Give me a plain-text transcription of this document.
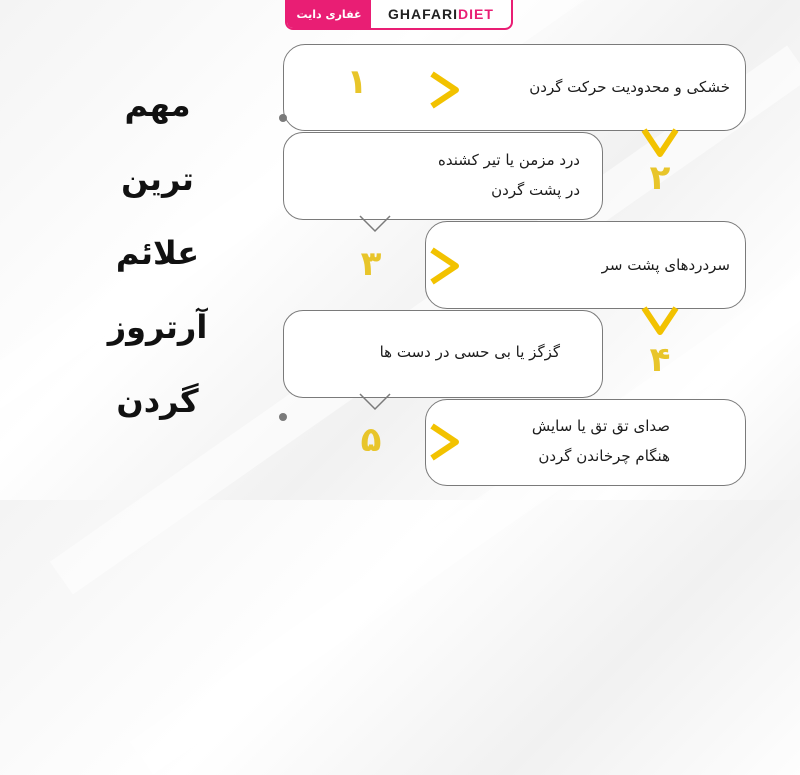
غفاری دایت	GHAFARI DIET
مهم
ترین
علائم
آرتروز
گردن
۱	خشکی و محدودیت حرکت گردن
۲
درد مزمن یا تیر کشنده
در پشت گردن
۳	سردردهای پشت سر
۴
گزگز یا بی حسی در دست ها
۵	صدای تق تق یا سایش
هنگام چرخاندن گردن
